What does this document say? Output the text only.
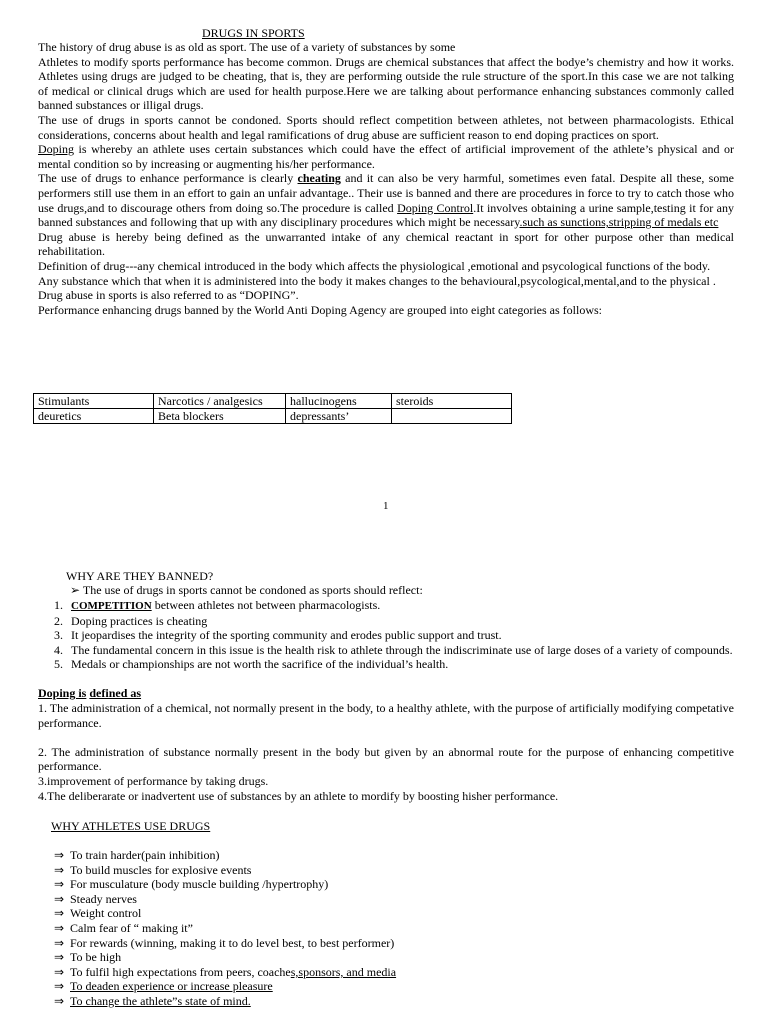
DRUGS IN SPORTS
The history of drug abuse is as old as sport. The use of a variety of substances by some
Athletes to modify sports performance has become common. Drugs are chemical substances that affect the bodye’s chemistry and how it works. Athletes using drugs are judged to be cheating, that is, they are performing outside the rule structure of the sport.In this case we are not talking of medical or clinical drugs which are used for health purpose.Here we are talking about performance enhancing substances commonly called banned substances or illigal drugs.
The use of drugs in sports cannot be condoned. Sports should reflect competition between athletes, not between pharmacologists. Ethical considerations, concerns about health and legal ramifications of drug abuse are sufficient reason to end doping practices on sport.
Doping is whereby an athlete uses certain substances which could have the effect of artificial improvement of the athlete’s physical and or mental condition so by increasing or augmenting his/her performance.
The use of drugs to enhance performance is clearly cheating and it can also be very harmful, sometimes even fatal. Despite all these, some performers still use them in an effort to gain an unfair advantage.. Their use is banned and there are procedures in force to try to catch those who use drugs,and to discourage others from doing so.The procedure is called Doping Control.It involves obtaining a urine sample,testing it for any banned substances and following that up with any disciplinary procedures which might be necessary.such as sunctions,stripping of medals etc
Drug abuse is hereby being defined as the unwarranted intake of any chemical reactant in sport for other purpose other than medical rehabilitation.
Definition of drug---any chemical introduced in the body which affects the physiological ,emotional and psycological functions of the body.
Any substance which that when it is administered into the body it makes changes to the behavioural,psycological,mental,and to the physical .
Drug abuse in sports is also referred to as “DOPING”.
Performance enhancing drugs banned by the World Anti Doping Agency are grouped into eight categories as follows:
Stimulants	Narcotics / analgesics	hallucinogens	steroids
deuretics	Beta blockers	depressants’	
1
WHY ARE THEY BANNED?
➢ The use of drugs in sports cannot be condoned as sports should reflect:
1. COMPETITION between athletes not between pharmacologists.
2. Doping practices is cheating
3. It jeopardises the integrity of the sporting community and erodes public support and trust.
4. The fundamental concern in this issue is the health risk to athlete through the indiscriminate use of large doses of a variety of compounds.
5. Medals or championships are not worth the sacrifice of the individual’s health.
Doping is defined as
1. The administration of a chemical, not normally present in the body, to a healthy athlete, with the purpose of artificially modifying competative performance.
2. The administration of substance normally present in the body but given by an abnormal route for the purpose of enhancing competitive performance.
3.improvement of performance by taking drugs.
4.The deliberarate or inadvertent use of substances by an athlete to mordify by boosting hisher performance.
WHY ATHLETES USE DRUGS
⇒ To train harder(pain inhibition)
⇒ To build muscles for explosive events
⇒ For musculature (body muscle building /hypertrophy)
⇒ Steady nerves
⇒ Weight control
⇒ Calm fear of “ making it”
⇒ For rewards (winning, making it to do level best, to best performer)
⇒ To be high
⇒ To fulfil high expectations from peers, coaches,sponsors, and media
⇒ To deaden experience or increase pleasure
⇒ To change the athlete”s state of mind.
